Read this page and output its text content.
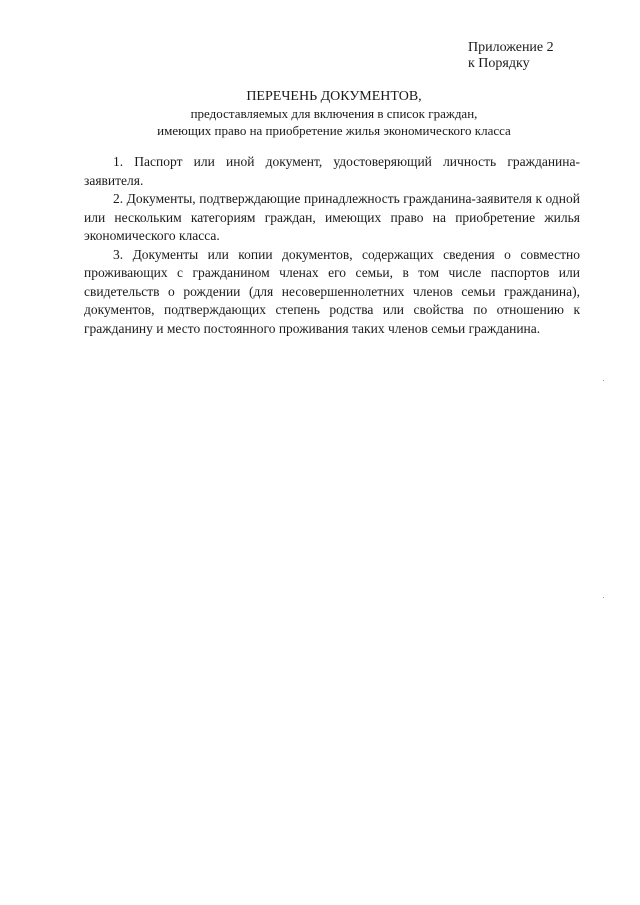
Приложение 2
к Порядку
ПЕРЕЧЕНЬ ДОКУМЕНТОВ,
предоставляемых для включения в список граждан,
имеющих право на приобретение жилья экономического класса

1. Паспорт или иной документ, удостоверяющий личность гражданина-заявителя.

2. Документы, подтверждающие принадлежность гражданина-заявителя к одной или нескольким категориям граждан, имеющих право на приобретение жилья экономического класса.

3. Документы или копии документов, содержащих сведения о совместно проживающих с гражданином членах его семьи, в том числе паспортов или свидетельств о рождении (для несовершеннолетних членов семьи гражданина), документов, подтверждающих степень родства или свойства по отношению к гражданину и место постоянного проживания таких членов семьи гражданина.
